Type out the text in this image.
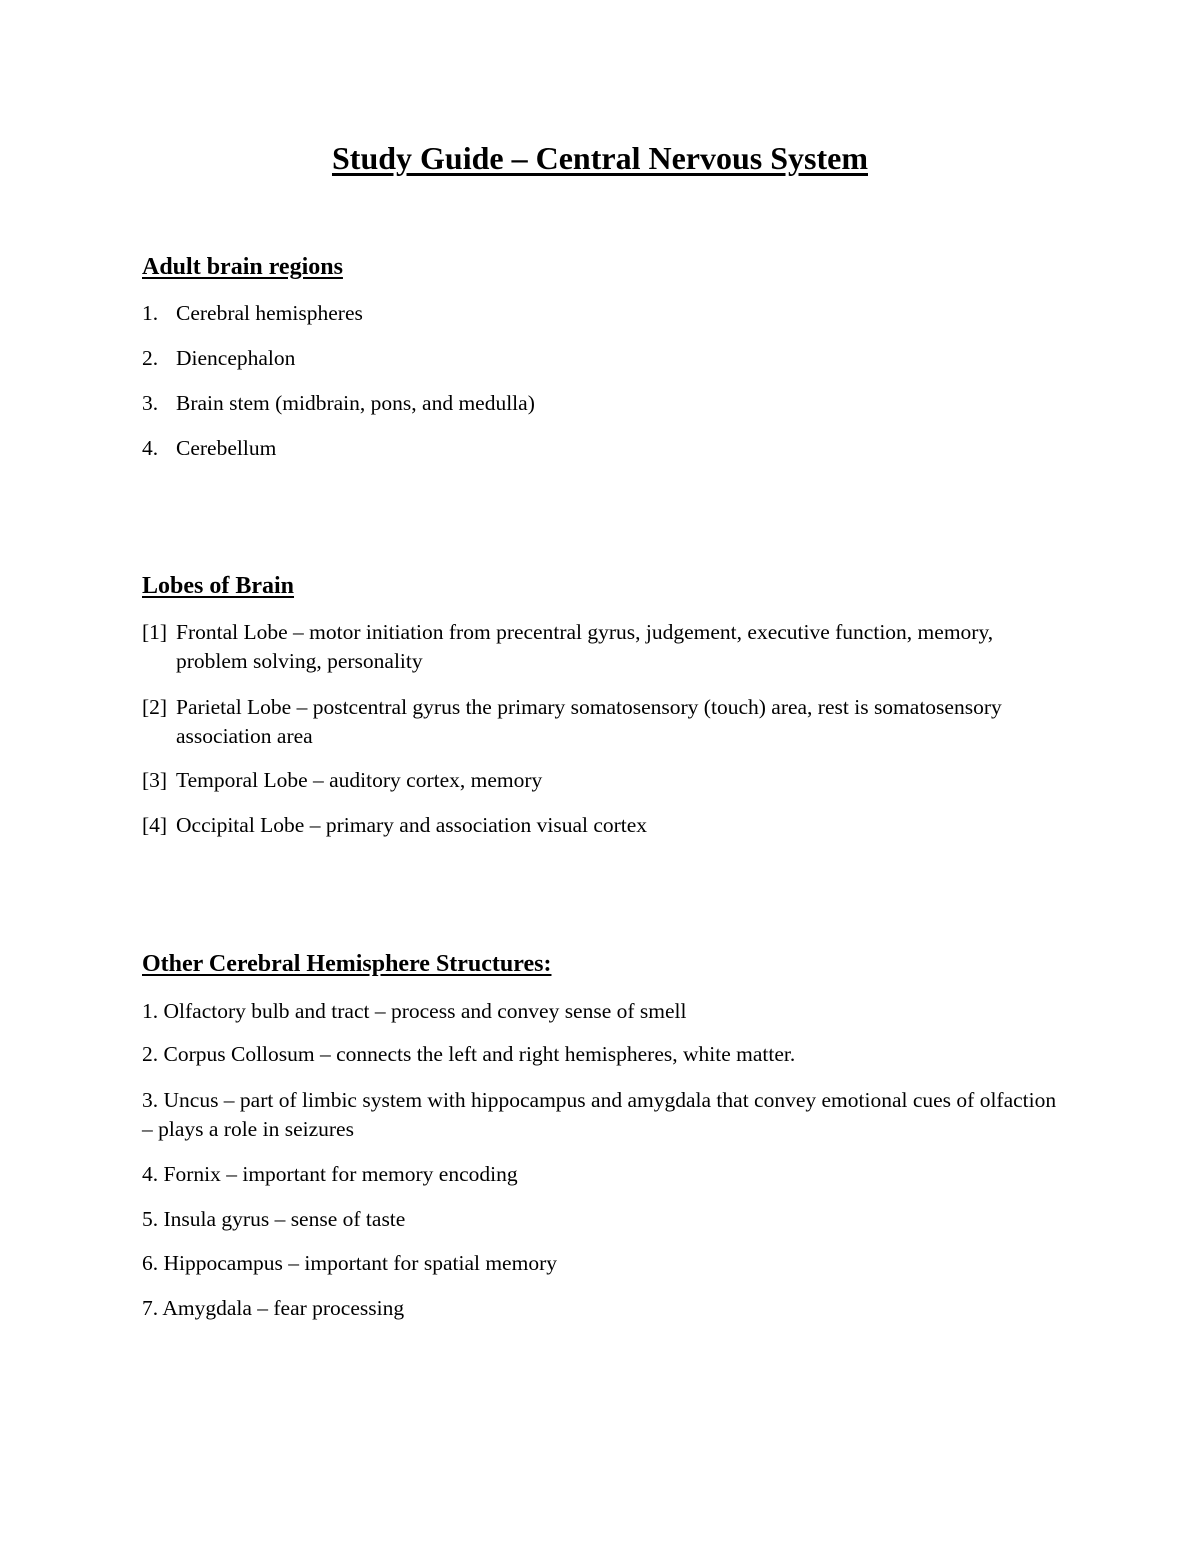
Study Guide – Central Nervous System
Adult brain regions

1. Cerebral hemispheres

2. Diencephalon

3. Brain stem (midbrain, pons, and medulla)

4. Cerebellum

Lobes of Brain
[1] Frontal Lobe – motor initiation from precentral gyrus, judgement, executive function, memory, problem solving, personality
[2] Parietal Lobe – postcentral gyrus the primary somatosensory (touch) area, rest is somatosensory association area
[3] Temporal Lobe – auditory cortex, memory
[4] Occipital Lobe – primary and association visual cortex
Other Cerebral Hemisphere Structures:
1. Olfactory bulb and tract – process and convey sense of smell
2. Corpus Collosum – connects the left and right hemispheres, white matter.
3. Uncus – part of limbic system with hippocampus and amygdala that convey emotional cues of olfaction – plays a role in seizures
4. Fornix – important for memory encoding
5. Insula gyrus – sense of taste
6. Hippocampus – important for spatial memory
7. Amygdala – fear processing
